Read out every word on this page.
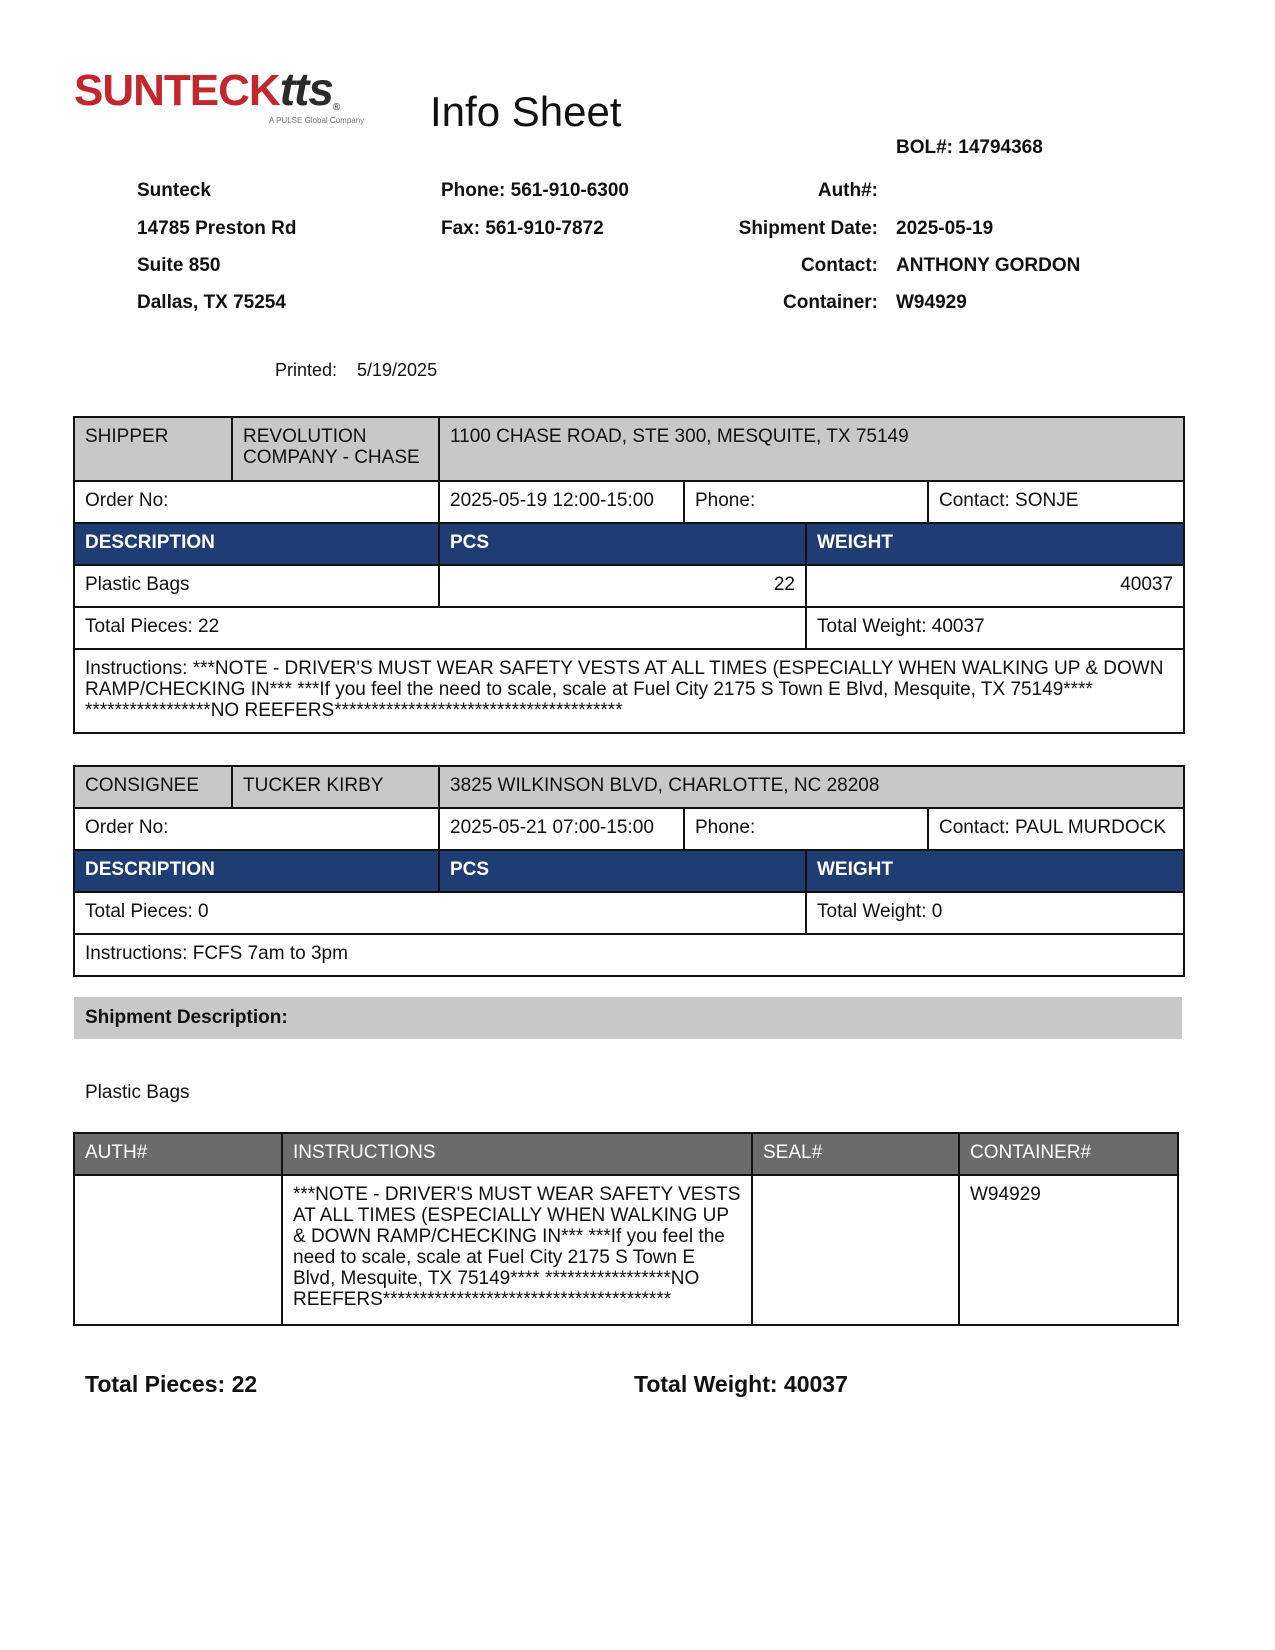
SUNTECKtts®
A PULSE Global Company Info Sheet
BOL#: 14794368
Sunteck
14785 Preston Rd
Suite 850
Dallas, TX 75254
Phone: 561-910-6300
Fax: 561-910-7872
Auth#:
Shipment Date: 2025-05-19
Contact: ANTHONY GORDON
Container: W94929
Printed: 5/19/2025
SHIPPER	REVOLUTION COMPANY - CHASE	1100 CHASE ROAD, STE 300, MESQUITE, TX 75149			
Order No:		2025-05-19 12:00-15:00	Phone:		Contact: SONJE
DESCRIPTION		PCS		WEIGHT	
Plastic Bags		22		40037	
Total Pieces: 22				Total Weight: 40037	
Instructions: ***NOTE - DRIVER'S MUST WEAR SAFETY VESTS AT ALL TIMES (ESPECIALLY WHEN WALKING UP & DOWN RAMP/CHECKING IN*** ***If you feel the need to scale, scale at Fuel City 2175 S Town E Blvd, Mesquite, TX 75149**** *****************NO REEFERS***************************************					
CONSIGNEE	TUCKER KIRBY	3825 WILKINSON BLVD, CHARLOTTE, NC 28208			
Order No:		2025-05-21 07:00-15:00	Phone:		Contact: PAUL MURDOCK
DESCRIPTION		PCS		WEIGHT	
Total Pieces: 0				Total Weight: 0	
Instructions: FCFS 7am to 3pm					
Shipment Description:
Plastic Bags
AUTH#	INSTRUCTIONS	SEAL#	CONTAINER#
	***NOTE - DRIVER'S MUST WEAR SAFETY VESTS AT ALL TIMES (ESPECIALLY WHEN WALKING UP & DOWN RAMP/CHECKING IN*** ***If you feel the need to scale, scale at Fuel City 2175 S Town E Blvd, Mesquite, TX 75149**** *****************NO REEFERS***************************************		W94929
Total Pieces: 22	Total Weight: 40037
